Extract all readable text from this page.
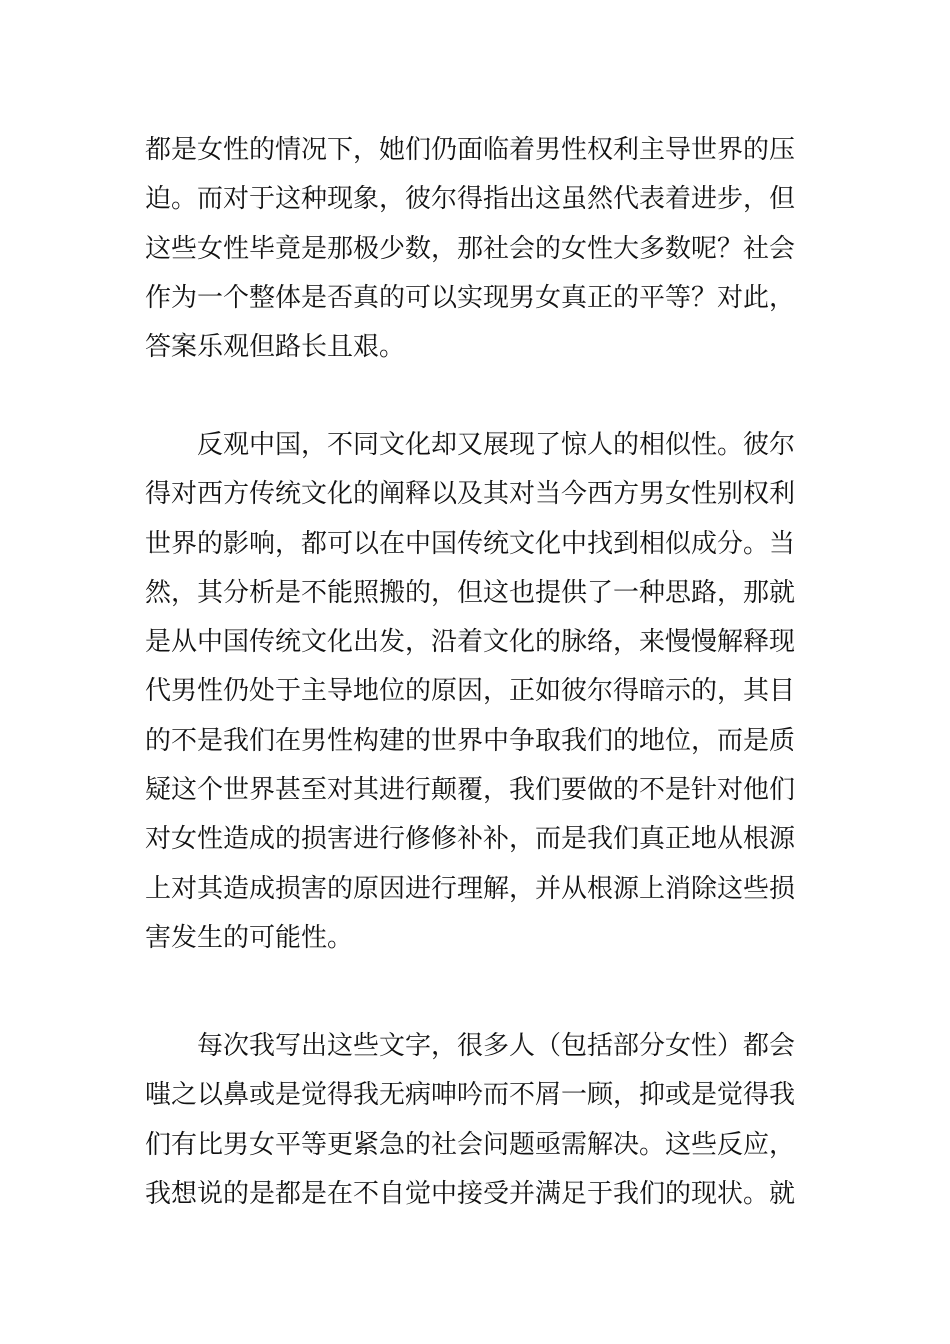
都是女性的情况下，她们仍面临着男性权利主导世界的压
迫。而对于这种现象，彼尔得指出这虽然代表着进步，但
这些女性毕竟是那极少数，那社会的女性大多数呢？社会
作为一个整体是否真的可以实现男女真正的平等？对此，
答案乐观但路长且艰。
　　反观中国，不同文化却又展现了惊人的相似性。彼尔
得对西方传统文化的阐释以及其对当今西方男女性别权利
世界的影响，都可以在中国传统文化中找到相似成分。当
然，其分析是不能照搬的，但这也提供了一种思路，那就
是从中国传统文化出发，沿着文化的脉络，来慢慢解释现
代男性仍处于主导地位的原因，正如彼尔得暗示的，其目
的不是我们在男性构建的世界中争取我们的地位，而是质
疑这个世界甚至对其进行颠覆，我们要做的不是针对他们
对女性造成的损害进行修修补补，而是我们真正地从根源
上对其造成损害的原因进行理解，并从根源上消除这些损
害发生的可能性。
　　每次我写出这些文字，很多人（包括部分女性）都会
嗤之以鼻或是觉得我无病呻吟而不屑一顾，抑或是觉得我
们有比男女平等更紧急的社会问题亟需解决。这些反应，
我想说的是都是在不自觉中接受并满足于我们的现状。就
